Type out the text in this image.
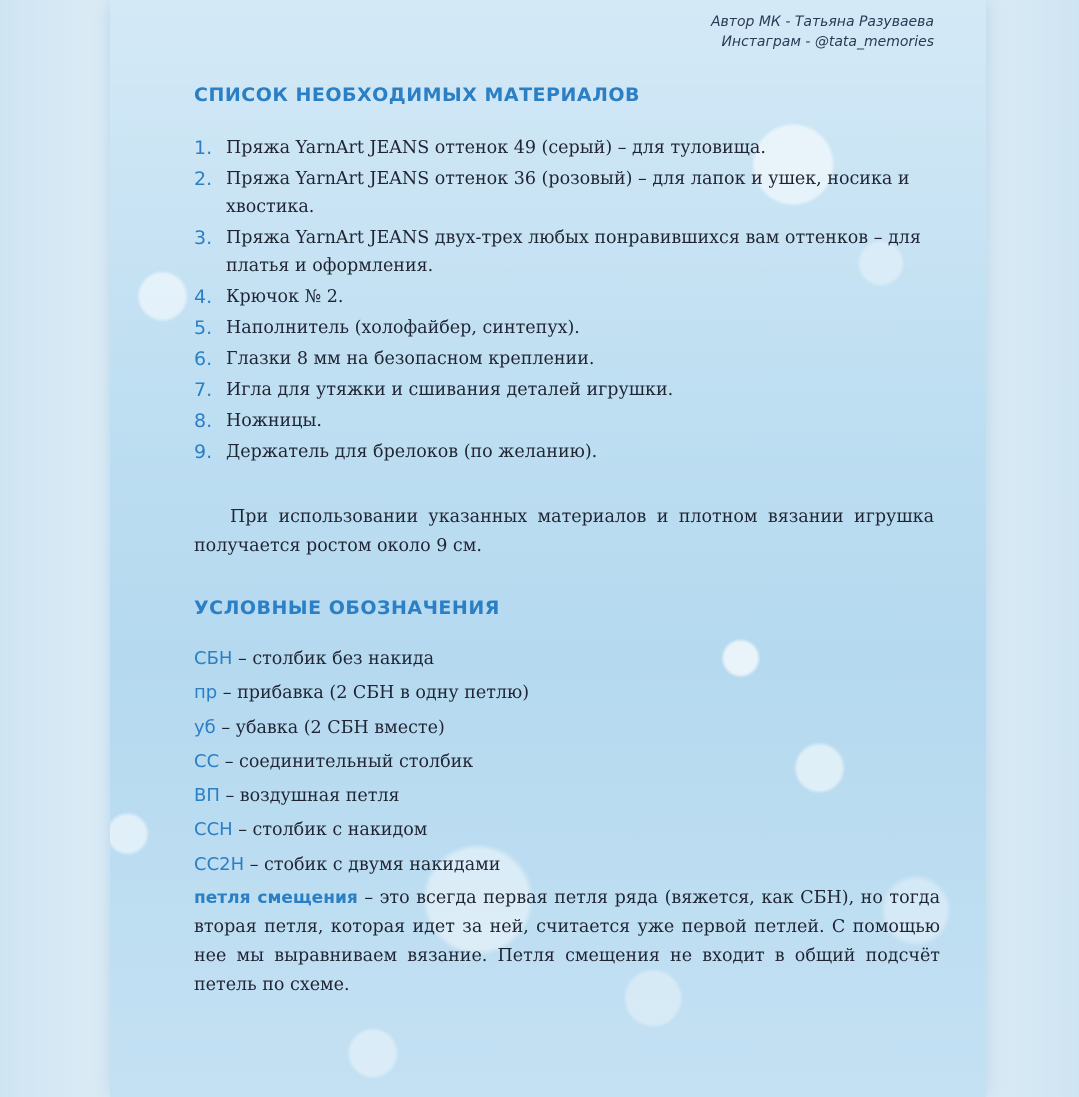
Автор МК - Татьяна Разуваева
Инстаграм - @tata_memories
СПИСОК НЕОБХОДИМЫХ МАТЕРИАЛОВ
1. Пряжа YarnArt JEANS оттенок 49 (серый) – для туловища.
2. Пряжа YarnArt JEANS оттенок 36 (розовый) – для лапок и ушек, носика и хвостика.
3. Пряжа YarnArt JEANS двух-трех любых понравившихся вам оттенков – для платья и оформления.
4. Крючок № 2.
5. Наполнитель (холофайбер, синтепух).
6. Глазки 8 мм на безопасном креплении.
7. Игла для утяжки и сшивания деталей игрушки.
8. Ножницы.
9. Держатель для брелоков (по желанию).

При использовании указанных материалов и плотном вязании игрушка получается ростом около 9 см.

УСЛОВНЫЕ ОБОЗНАЧЕНИЯ
СБН – столбик без накида
пр – прибавка (2 СБН в одну петлю)
уб – убавка (2 СБН вместе)
СС – соединительный столбик
ВП – воздушная петля
ССН – столбик с накидом
СС2Н – стобик с двумя накидами
петля смещения – это всегда первая петля ряда (вяжется, как СБН), но тогда вторая петля, которая идет за ней, считается уже первой петлей. С помощью нее мы выравниваем вязание. Петля смещения не входит в общий подсчёт петель по схеме.
